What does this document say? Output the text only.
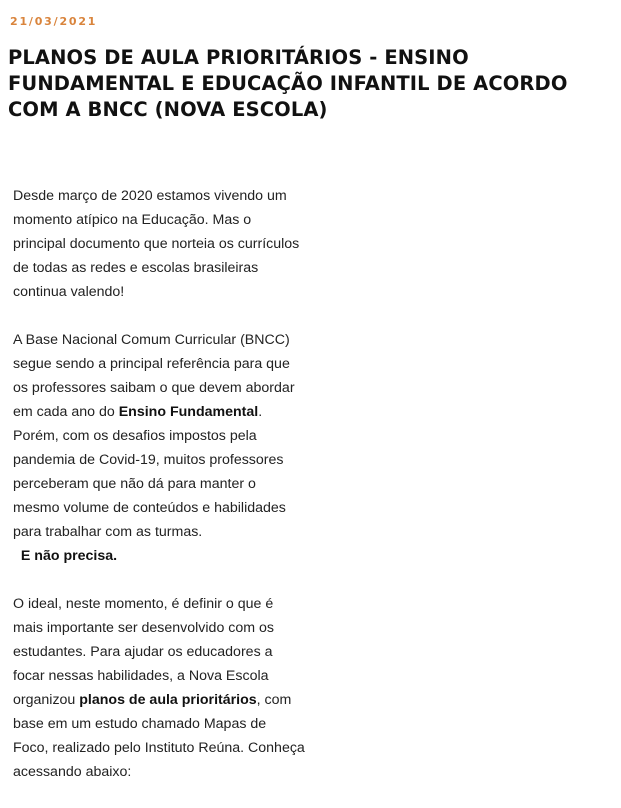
21/03/2021
PLANOS DE AULA PRIORITÁRIOS - ENSINO FUNDAMENTAL E EDUCAÇÃO INFANTIL DE ACORDO COM A BNCC (NOVA ESCOLA)

Desde março de 2020 estamos vivendo um momento atípico na Educação. Mas o principal documento que norteia os currículos de todas as redes e escolas brasileiras continua valendo!

A Base Nacional Comum Curricular (BNCC) segue sendo a principal referência para que os professores saibam o que devem abordar em cada ano do Ensino Fundamental. Porém, com os desafios impostos pela pandemia de Covid-19, muitos professores perceberam que não dá para manter o mesmo volume de conteúdos e habilidades para trabalhar com as turmas.
E não precisa.

O ideal, neste momento, é definir o que é mais importante ser desenvolvido com os estudantes. Para ajudar os educadores a focar nessas habilidades, a Nova Escola organizou planos de aula prioritários, com base em um estudo chamado Mapas de Foco, realizado pelo Instituto Reúna. Conheça acessando abaixo:
